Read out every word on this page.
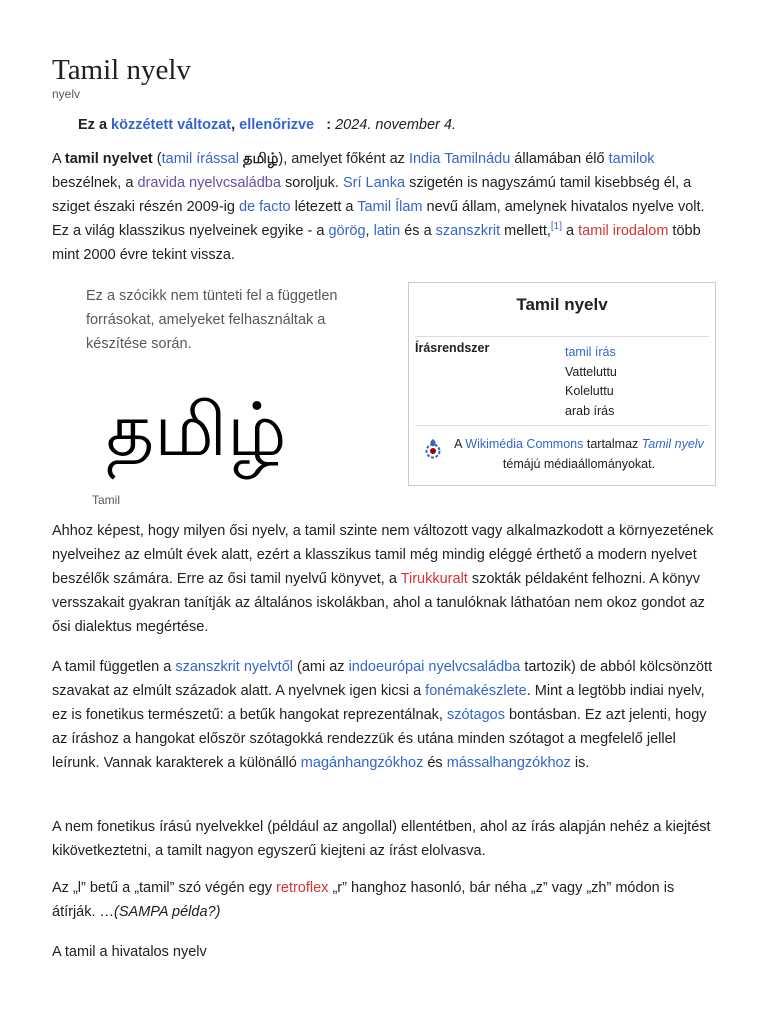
Tamil nyelv
nyelv
Ez a közzétett változat, ellenőrizve   : 2024. november 4.

A tamil nyelvet (tamil írással தமிழ்), amelyet főként az India Tamilnádu államában élő tamilok beszélnek, a dravida nyelvcsaládba soroljuk. Srí Lanka szigetén is nagyszámú tamil kisebbség él, a sziget északi részén 2009-ig de facto létezett a Tamil Ílam nevű állam, amelynek hivatalos nyelve volt. Ez a világ klasszikus nyelveinek egyike - a görög, latin és a szanszkrit mellett,[1] a tamil irodalom több mint 2000 évre tekint vissza.

Ez a szócikk nem tünteti fel a független forrásokat, amelyeket felhasználtak a készítése során.
தமிழ்
Tamil
Tamil nyelv
Írásrendszer	tamil írás
Vatteluttu
Koleluttu
arab írás
A Wikimédia Commons tartalmaz Tamil nyelv témájú médiaállományokat.

Ahhoz képest, hogy milyen ősi nyelv, a tamil szinte nem változott vagy alkalmazkodott a környezetének nyelveihez az elmúlt évek alatt, ezért a klasszikus tamil még mindig eléggé érthető a modern nyelvet beszélők számára. Erre az ősi tamil nyelvű könyvet, a Tirukkuralt szokták példaként felhozni. A könyv versszakait gyakran tanítják az általános iskolákban, ahol a tanulóknak láthatóan nem okoz gondot az ősi dialektus megértése.

A tamil független a szanszkrit nyelvtől (ami az indoeurópai nyelvcsaládba tartozik) de abból kölcsönzött szavakat az elmúlt századok alatt. A nyelvnek igen kicsi a fonémakészlete. Mint a legtöbb indiai nyelv, ez is fonetikus természetű: a betűk hangokat reprezentálnak, szótagos bontásban. Ez azt jelenti, hogy az íráshoz a hangokat először szótagokká rendezzük és utána minden szótagot a megfelelő jellel leírunk. Vannak karakterek a különálló magánhangzókhoz és mássalhangzókhoz is.

A nem fonetikus írású nyelvekkel (például az angollal) ellentétben, ahol az írás alapján nehéz a kiejtést kikövetkeztetni, a tamilt nagyon egyszerű kiejteni az írást elolvasva.

Az „l” betű a „tamil” szó végén egy retroflex „r” hanghoz hasonló, bár néha „z” vagy „zh” módon is átírják. …(SAMPA példa?)

A tamil a hivatalos nyelv
